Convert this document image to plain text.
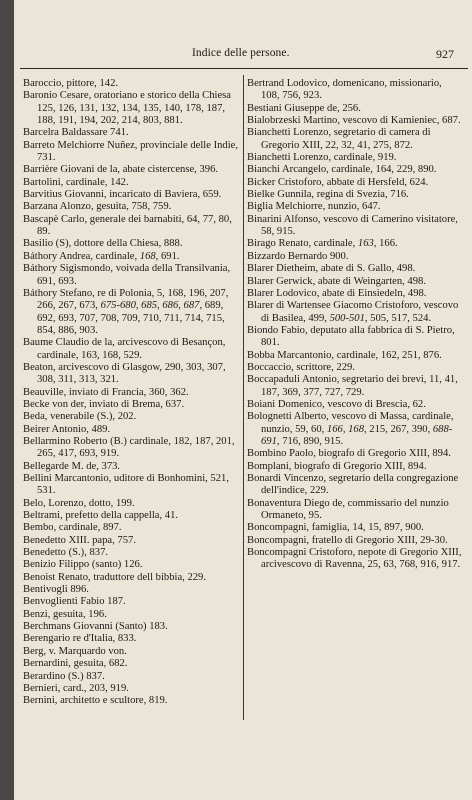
Indice delle persone.	927
Baroccio, pittore, 142.
Baronio Cesare, oratoriano e storico della Chiesa 125, 126, 131, 132, 134, 135, 140, 178, 187, 188, 191, 194, 202, 214, 803, 881.
Barcelra Baldassare 741.
Barreto Melchiorre Nuñez, provinciale delle Indie, 731.
Barrière Giovani de la, abate cistercense, 396.
Bartolini, cardinale, 142.
Barvitius Giovanni, incaricato di Baviera, 659.
Barzana Alonzo, gesuita, 758, 759.
Bascapè Carlo, generale dei barnabiti, 64, 77, 80, 89.
Basilio (S), dottore della Chiesa, 888.
Báthory Andrea, cardinale, 168, 691.
Báthory Sigismondo, voivada della Transilvania, 691, 693.
Báthory Stefano, re di Polonia, 5, 168, 196, 207, 266, 267, 673, 675-680, 685, 686, 687, 689, 692, 693, 707, 708, 709, 710, 711, 714, 715, 854, 886, 903.
Baume Claudio de la, arcivescovo di Besançon, cardinale, 163, 168, 529.
Beaton, arcivescovo di Glasgow, 290, 303, 307, 308, 311, 313, 321.
Beauville, inviato di Francia, 360, 362.
Becke von der, inviato di Brema, 637.
Beda, venerabile (S.), 202.
Beirer Antonio, 489.
Bellarmino Roberto (B.) cardinale, 182, 187, 201, 265, 417, 693, 919.
Bellegarde M. de, 373.
Bellini Marcantonio, uditore di Bonhomini, 521, 531.
Belo, Lorenzo, dotto, 199.
Beltrami, prefetto della cappella, 41.
Bembo, cardinale, 897.
Benedetto XIII. papa, 757.
Benedetto (S.), 837.
Benizio Filippo (santo) 126.
Benoist Renato, traduttore dell bibbia, 229.
Bentivogli 896.
Benvoglienti Fabio 187.
Benzi, gesuita, 196.
Berchmans Giovanni (Santo) 183.
Berengario re d'Italia, 833.
Berg, v. Marquardo von.
Bernardini, gesuita, 682.
Berardino (S.) 837.
Bernieri, card., 203, 919.
Bernini, architetto e scultore, 819.
Bertrand Lodovico, domenicano, missionario, 108, 756, 923.
Bestiani Giuseppe de, 256.
Bialobrzeski Martino, vescovo di Kamieniec, 687.
Bianchetti Lorenzo, segretario di camera di Gregorio XIII, 22, 32, 41, 275, 872.
Bianchetti Lorenzo, cardinale, 919.
Bianchi Arcangelo, cardinale, 164, 229, 890.
Bicker Cristoforo, abbate di Hersfeld, 624.
Bielke Gunnila, regina di Svezia, 716.
Biglia Melchiorre, nunzio, 647.
Binarini Alfonso, vescovo di Camerino visitatore, 58, 915.
Birago Renato, cardinale, 163, 166.
Bizzardo Bernardo 900.
Blarer Dietheim, abate di S. Gallo, 498.
Blarer Gerwick, abate di Weingarten, 498.
Blarer Lodovico, abate di Einsiedeln, 498.
Blarer di Wartensee Giacomo Cristoforo, vescovo di Basilea, 499, 500-501, 505, 517, 524.
Biondo Fabio, deputato alla fabbrica di S. Pietro, 801.
Bobba Marcantonio, cardinale, 162, 251, 876.
Boccaccio, scrittore, 229.
Boccapaduli Antonio, segretario dei brevi, 11, 41, 187, 369, 377, 727, 729.
Boiani Domenico, vescovo di Brescia, 62.
Bolognetti Alberto, vescovo di Massa, cardinale, nunzio, 59, 60, 166, 168, 215, 267, 390, 688-691, 716, 890, 915.
Bombino Paolo, biografo di Gregorio XIII, 894.
Bomplani, biografo di Gregorio XIII, 894.
Bonardi Vincenzo, segretario della congregazione dell'indice, 229.
Bonaventura Diego de, commissario del nunzio Ormaneto, 95.
Boncompagni, famiglia, 14, 15, 897, 900.
Boncompagni, fratello di Gregorio XIII, 29-30.
Boncompagni Cristoforo, nepote di Gregorio XIII, arcivescovo di Ravenna, 25, 63, 768, 916, 917.
